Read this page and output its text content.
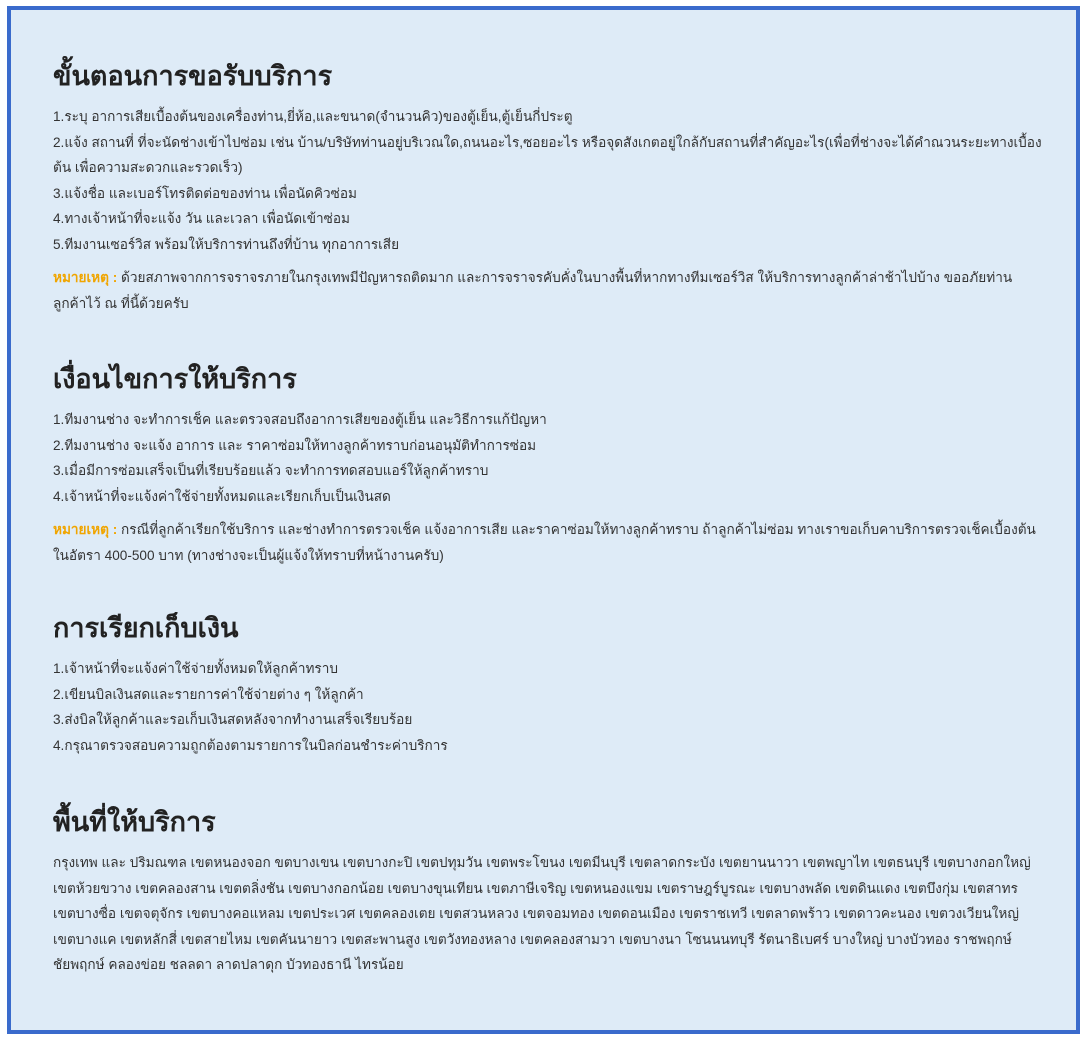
ขั้นตอนการขอรับบริการ
1.ระบุ อาการเสียเบื้องต้นของเครื่องท่าน,ยี่ห้อ,และขนาด(จำนวนคิว)ของตู้เย็น,ตู้เย็นกี่ประตู
2.แจ้ง สถานที่ ที่จะนัดช่างเข้าไปซ่อม เช่น บ้าน/บริษัทท่านอยู่บริเวณใด,ถนนอะไร,ซอยอะไร หรือจุดสังเกตอยู่ใกล้กับสถานที่สำคัญอะไร(เพื่อที่ช่างจะได้คำณวนระยะทางเบื้องต้น เพื่อความสะดวกและรวดเร็ว)
3.แจ้งชื่อ และเบอร์โทรติดต่อของท่าน เพื่อนัดคิวซ่อม
4.ทางเจ้าหน้าที่จะแจ้ง วัน และเวลา เพื่อนัดเข้าซ่อม
5.ทีมงานเซอร์วิส พร้อมให้บริการท่านถึงที่บ้าน ทุกอาการเสีย
หมายเหตุ : ด้วยสภาพจากการจราจรภายในกรุงเทพมีปัญหารถติดมาก และการจราจรคับคั่งในบางพื้นที่หากทางทีมเซอร์วิส ให้บริการทางลูกค้าล่าช้าไปบ้าง ขออภัยท่านลูกค้าไว้ ณ ที่นี้ด้วยครับ
เงื่อนไขการให้บริการ
1.ทีมงานช่าง จะทำการเช็ค และตรวจสอบถึงอาการเสียของตู้เย็น และวิธีการแก้ปัญหา
2.ทีมงานช่าง จะแจ้ง อาการ และ ราคาซ่อมให้ทางลูกค้าทราบก่อนอนุมัติทำการซ่อม
3.เมื่อมีการซ่อมเสร็จเป็นที่เรียบร้อยแล้ว จะทำการทดสอบแอร์ให้ลูกค้าทราบ
4.เจ้าหน้าที่จะแจ้งค่าใช้จ่ายทั้งหมดและเรียกเก็บเป็นเงินสด
หมายเหตุ : กรณีที่ลูกค้าเรียกใช้บริการ และช่างทำการตรวจเช็ค แจ้งอาการเสีย และราคาซ่อมให้ทางลูกค้าทราบ ถ้าลูกค้าไม่ซ่อม ทางเราขอเก็บคาบริการตรวจเช็คเบื้องต้น ในอัตรา 400-500 บาท (ทางช่างจะเป็นผู้แจ้งให้ทราบที่หน้างานครับ)
การเรียกเก็บเงิน
1.เจ้าหน้าที่จะแจ้งค่าใช้จ่ายทั้งหมดให้ลูกค้าทราบ
2.เขียนบิลเงินสดและรายการค่าใช้จ่ายต่าง ๆ ให้ลูกค้า
3.ส่งบิลให้ลูกค้าและรอเก็บเงินสดหลังจากทำงานเสร็จเรียบร้อย
4.กรุณาตรวจสอบความถูกต้องตามรายการในบิลก่อนชำระค่าบริการ
พื้นที่ให้บริการ
กรุงเทพ และ ปริมณฑล เขตหนองจอก ขตบางเขน เขตบางกะปิ เขตปทุมวัน เขตพระโขนง เขตมีนบุรี เขตลาดกระบัง เขตยานนาวา เขตพญาไท เขตธนบุรี เขตบางกอกใหญ่ เขตห้วยขวาง เขตคลองสาน เขตตลิ่งชัน เขตบางกอกน้อย เขตบางขุนเทียน เขตภาษีเจริญ เขตหนองแขม เขตราษฎร์บูรณะ เขตบางพลัด เขตดินแดง เขตบึงกุ่ม เขตสาทร เขตบางซื่อ เขตจตุจักร เขตบางคอแหลม เขตประเวศ เขตคลองเตย เขตสวนหลวง เขตจอมทอง เขตดอนเมือง เขตราชเทวี เขตลาดพร้าว เขตดาวคะนอง เขตวงเวียนใหญ่ เขตบางแค เขตหลักสี่ เขตสายไหม เขตคันนายาว เขตสะพานสูง เขตวังทองหลาง เขตคลองสามวา เขตบางนา โซนนนทบุรี รัตนาธิเบศร์ บางใหญ่ บางบัวทอง ราชพฤกษ์ ชัยพฤกษ์ คลองข่อย ชลลดา ลาดปลาดุก บัวทองธานี ไทรน้อย
